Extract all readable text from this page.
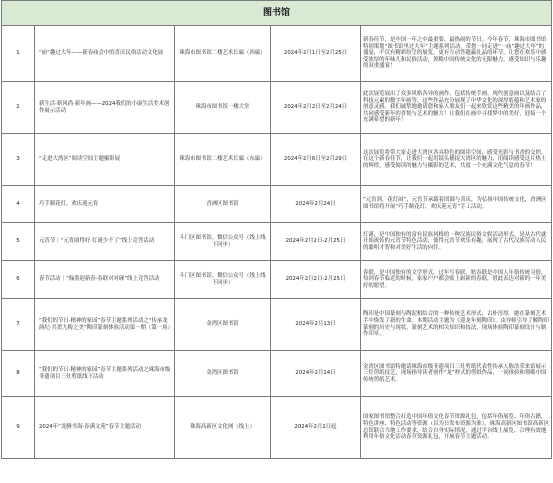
图书馆				
1	“庙”趣过大年——新春庙会中的喜庆民俗活动文化展	珠海市图书馆二楼艺术长廊（西廊）	2024年2月1日至2月25日	新春佳节，是中国一年之中最重要、最热闹的节日。今年春节，珠海市图书馆特别策划“图书馆里过大年”主题系列活动，带您一同走进“一庙”趣过大年”的盛宴，不仅有精彩纷呈的展览，更有互动答题赢礼品的环节，让您在欢乐中感受浓厚的年味儿和民俗活动，领略中国传统文化的无限魅力，感受知识与乐趣的双重盛宴！
2	新生活·新风尚·新年画——2024我们的小康生活美术创作展示活动	珠海市图书馆一楼大堂	2024年2月2日至2月24日	此次展览展出了众多风格各异的画作，包括传统手画、现代创意画以及结合了科技元素的数字年画等。这些作品充分展现了中华文化的深厚底蕴和艺术家的创意灵感。我们诚挚地邀请您和家人朋友们一起来欣赏这些精美的年画作品，共同感受新年的喜悦与艺术的魅力！让我们在画中寻找梦中的美好，迎接一个充满希望的新年！
3	“走进大湾区”阅读空间主题摄影展	珠海市图书馆二楼艺术长廊（东廊）	2024年2月6日至2月29日	这次展览将带大家走进大湾区各具特色的阅读空间，感受光影与书香的交织。在这个新春佳节，让我们一起用镜头捕捉大湾区的魅力，用阅读感受这片热土的辉煌，感受阅读的魅力与摄影的艺术，共度一个充满文化气息的春节！
4	巧手制花灯，欢庆迎元宵	香洲区图书馆	2024年2月24日	“元宵到，花灯闹”，元宵节承载着团圆与喜庆，为弘扬中国传统文化，香洲区图书馆将开展“巧手制花灯，欢庆迎元宵”手工活动。
5	元宵节｜“元宵闹得好·灯谜少不了”线上竞答活动	斗门区图书馆、微信公众号（线上线下同步）	2024年2月2日-2月25日	灯谜，是中国独有的富有民族风格的一种汉族民俗文娱活动形式，是从古代就开始流传的元宵节特色活动，使得元宵节欢乐有趣，展现了古代汉族劳动人民的聪明才智和对美好生活的向往。
6	春节活动｜“翰墨迎新春·春联对对碰”线上竞答活动	斗门区图书馆、微信公众号（线上线下同步）	2024年2月2日-2月25日	春联，是中国独有的文学形式。过年写春联，贴春联是中国人年俗传统习俗，每到春节临近的时候，家家户户都会贴上崭新的春联，借此表达对新的一年美好的愿望。
7	“我们的节日·精神的家园”春节主题系列活动之“传承龙韵纪·共贺九畴之美”陶印篆刻体验活动第一期（第一场）	金湾区图书馆	2024年2月13日	陶印是中国篆刻与陶泥相结合的一种传统艺术形式，古朴淳厚。她在篆刻艺术手中焕发了新的生命。本期活动主题为《迎龙年刻陶印》，由导师引导了解陶印篆刻的历史与现状，篆刻艺术的相关知识和技法，现场体验陶印篆刻设计与制作印章。
8	“我们的节日·精神的家园”春节主题系列活动之珠海市级非遗项目三灶剪纸线下活动	金湾区图书馆	2024年2月14日	金湾区图书馆特邀请珠海市级非遗项目三灶剪纸代表性传承人陈浩荣来馆展示三灶剪纸技艺，现场指导读者创作“龙”样式的剪纸作品，一同体验和领略中国传统剪纸艺术。
9	2024年“龙腾书海·春满文苑”春节主题活动	珠海高新区文化网（线上）	2024年2月2日起	国家图书馆整合打造中国年俗文化春节资源礼包，包括年俗展览、年俗古籍、特色讲座、特色活动等资源（以为日发布资源为准），珠海高新区图书馆高新区总馆联合当地工作要求，结合自身实际情况，通过平台线上展览、合理有效地利用年俗文化活动春节资源礼包，开展春节主题活动。
